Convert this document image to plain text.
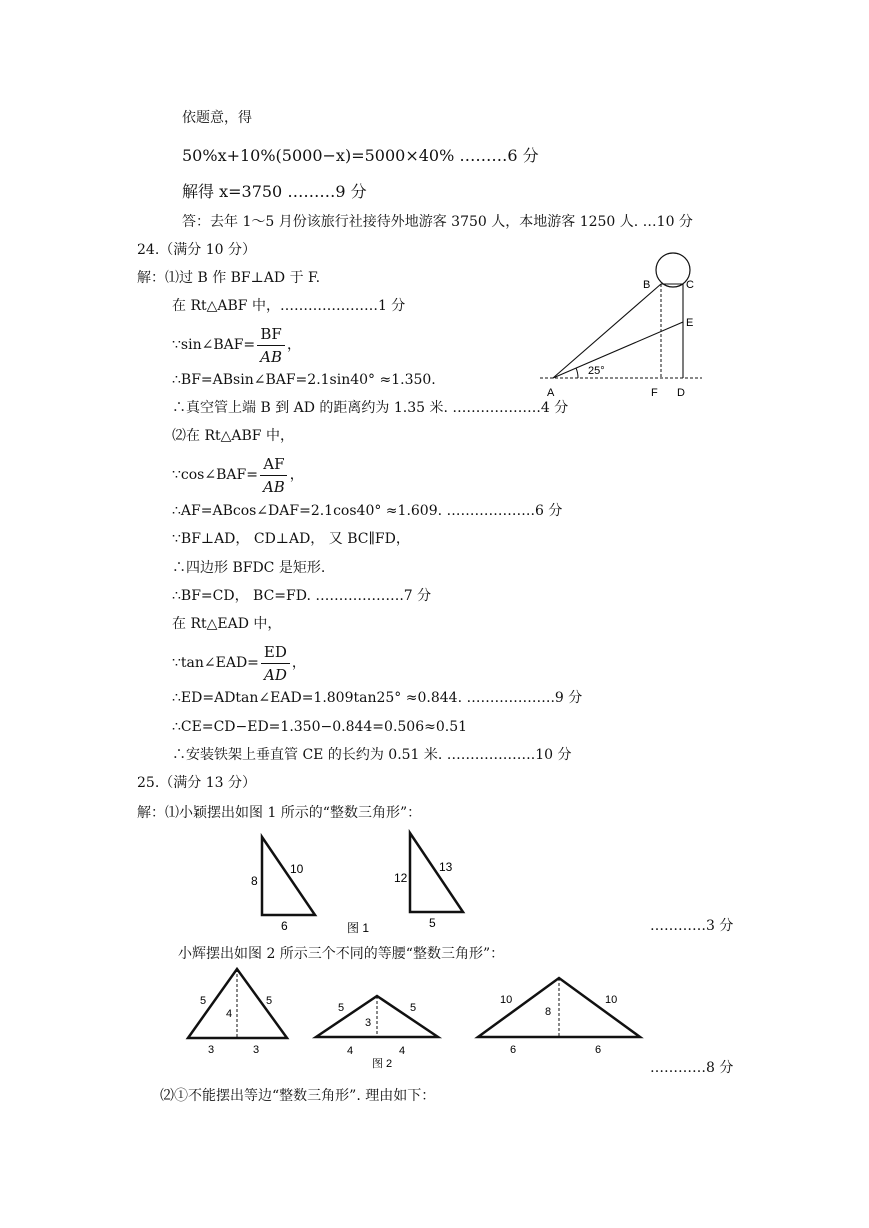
依题意，得
50%x+10%(5000−x)=5000×40% ………6 分
解得 x=3750 ………9 分
答：去年 1～5 月份该旅行社接待外地游客 3750 人，本地游客 1250 人. …10 分
24.（满分 10 分）
解：⑴过 B 作 BF⊥AD 于 F.
在 Rt△ABF 中，…………………1 分
∵sin∠BAF= $\frac{BF}{AB}$ ，
∴BF=ABsin∠BAF=2.1sin40° ≈1.350.
∴真空管上端 B 到 AD 的距离约为 1.35 米. ……………….4 分
⑵在 Rt△ABF 中，
∵cos∠BAF= $\frac{AF}{AB}$ ，
∴AF=ABcos∠DAF=2.1cos40° ≈1.609. ……………….6 分
∵BF⊥AD， CD⊥AD， 又 BC∥FD，
∴四边形 BFDC 是矩形.
∴BF=CD， BC=FD. ……………….7 分
在 Rt△EAD 中，
∵tan∠EAD= $\frac{ED}{AD}$ ，
∴ED=ADtan∠EAD=1.809tan25° ≈0.844. ……………….9 分
∴CE=CD−ED=1.350−0.844=0.506≈0.51
∴安装铁架上垂直管 CE 的长约为 0.51 米. ……………….10 分
B	C
E
A	F D
25°
25.（满分 13 分）
解：⑴小颖摆出如图 1 所示的“整数三角形”：
8
10
6
12
13
5
图 1	…………3 分
小辉摆出如图 2 所示三个不同的等腰“整数三角形”：
5	5
4
3	3
5	5
3
4	4
图 2
10	10
8
6	6
…………8 分
⑵①不能摆出等边“整数三角形”. 理由如下：
